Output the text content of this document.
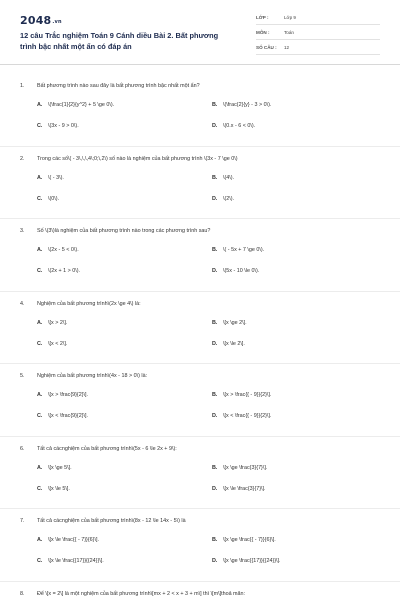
2048.vn
12 câu Trắc nghiệm Toán 9 Cánh diều Bài 2. Bất phương trình bậc nhất một ẩn có đáp án
LỚP :	Lớp 9
MÔN :	Toán
SỐ CÂU :	12
1. Bất phương trình nào sau đây là bất phương trình bậc nhất một ẩn?
A. \(\frac{1}{2}{y^2} + 5 \ge 0\).	B. \(\frac{2}{y} - 3 > 0\).
C. \(3x - 9 > 0\).	D. \(0.x - 6 < 0\).
2. Trong các số\( - 3\,\,\,4\;0;\,2\) số nào là nghiệm của bất phương trình \(3x - 7 \ge 0\)
A. \( - 3\).	B. \(4\).
C. \(0\).	D. \(2\).
3. Số \(3\)là nghiệm của bất phương trình nào trong các phương trình sau?
A. \(2x - 5 < 0\).	B. \( - 5x + 7 \ge 0\).
C. \(2x + 1 > 0\).	D. \(5x - 10 \le 0\).
4. Nghiệm của bất phương trình\(2x \ge 4\) là:
A. \[x > 2\].	B. \[x \ge 2\].
C. \[x < 2\].	D. \[x \le 2\].
5. Nghiệm của bất phương trình\(4x - 18 > 0\) là:
A. \[x > \frac{9}{2}\].	B. \[x > \frac{{ - 9}}{2}\].
C. \[x < \frac{9}{2}\].	D. \[x < \frac{{ - 9}}{2}\].
6. Tất cả cácnghiệm của bất phương trình\(5x - 6 \le 2x + 9\):
A. \[x \ge 5\].	B. \[x \ge \frac{3}{7}\].
C. \[x \le 5\].	D. \[x \le \frac{3}{7}\].
7. Tất cả cácnghiệm của bất phương trình\(8x - 12 \le 14x - 5\) là
A. \[x \le \frac{{ - 7}}{6}\].	B. \[x \ge \frac{{ - 7}}{6}\].
C. \[x \le \frac{{17}}{{24}}\].	D. \[x \ge \frac{{17}}{{24}}\].
8. Để \[x = 2\] là một nghiệm của bất phương trình\[mx + 2 < x + 3 + m\] thì \[m\]thoả mãn:
